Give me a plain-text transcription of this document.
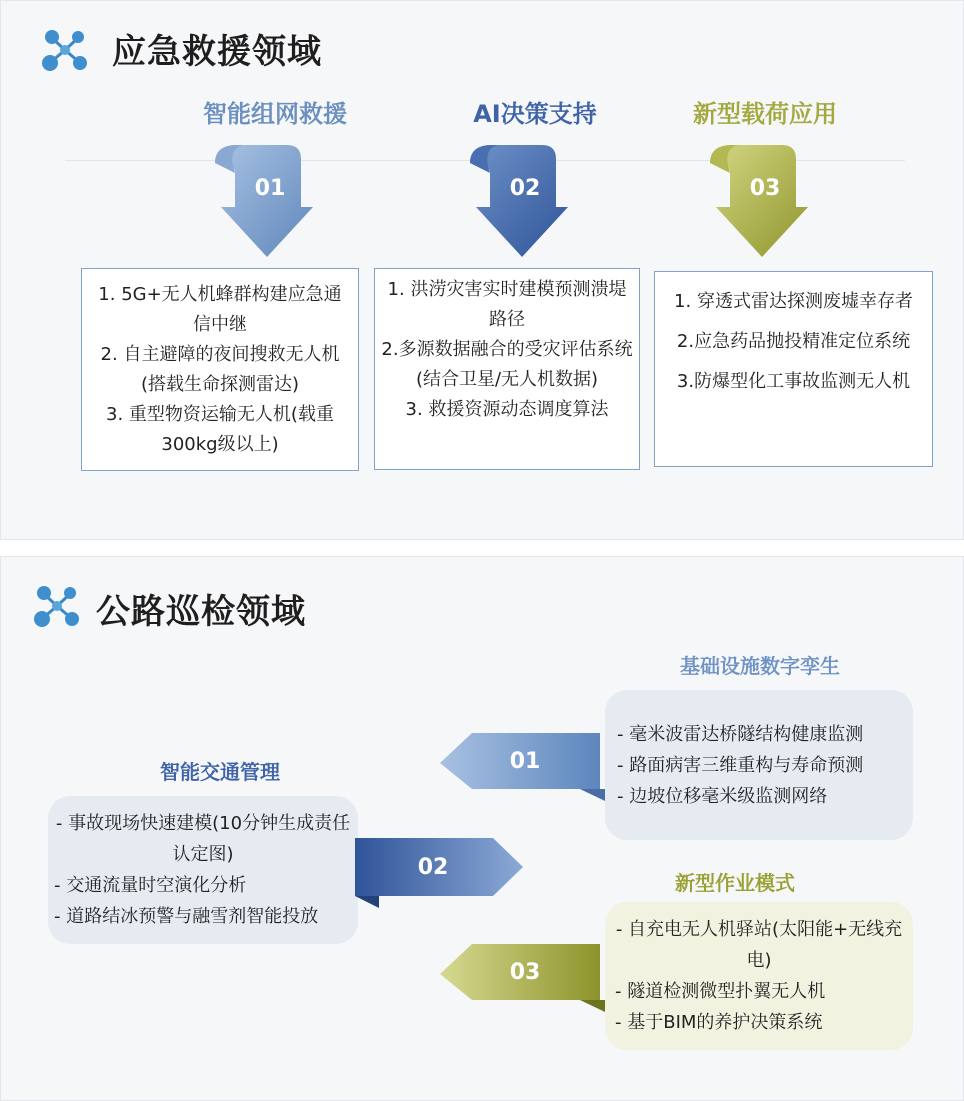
应急救援领域
智能组网救援	AI决策支持	新型载荷应用
01	02	03
1. 5G+无人机蜂群构建应急通信中继
2. 自主避障的夜间搜救无人机(搭载生命探测雷达)
3. 重型物资运输无人机(载重300kg级以上)
1. 洪涝灾害实时建模预测溃堤路径
2.多源数据融合的受灾评估系统(结合卫星/无人机数据)
3. 救援资源动态调度算法
1. 穿透式雷达探测废墟幸存者
2.应急药品抛投精准定位系统
3.防爆型化工事故监测无人机
公路巡检领域
基础设施数字孪生
智能交通管理
新型作业模式
- 毫米波雷达桥隧结构健康监测
- 路面病害三维重构与寿命预测
- 边坡位移毫米级监测网络
- 事故现场快速建模(10分钟生成责任认定图)
- 交通流量时空演化分析
- 道路结冰预警与融雪剂智能投放
- 自充电无人机驿站(太阳能+无线充电)
- 隧道检测微型扑翼无人机
- 基于BIM的养护决策系统
01
02
03
